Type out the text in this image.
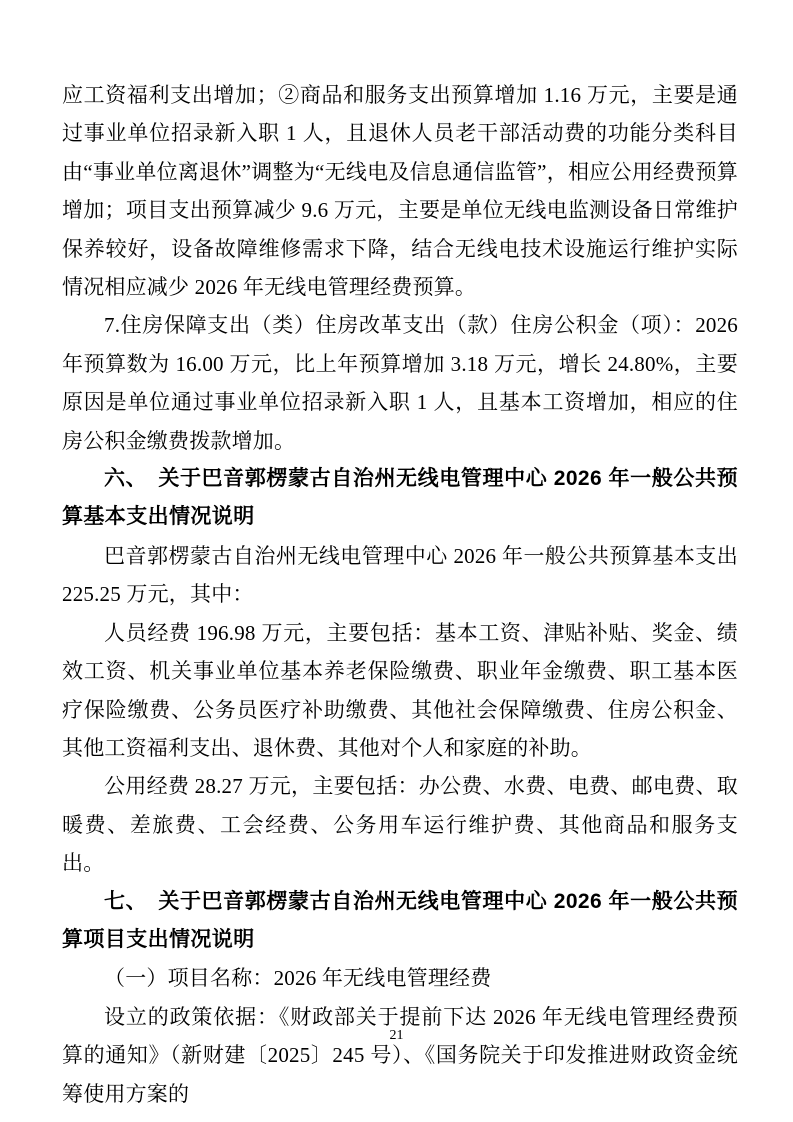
应工资福利支出增加；②商品和服务支出预算增加 1.16 万元，主要是通过事业单位招录新入职 1 人，且退休人员老干部活动费的功能分类科目由“事业单位离退休”调整为“无线电及信息通信监管”，相应公用经费预算增加；项目支出预算减少 9.6 万元，主要是单位无线电监测设备日常维护保养较好，设备故障维修需求下降，结合无线电技术设施运行维护实际情况相应减少 2026 年无线电管理经费预算。

7.住房保障支出（类）住房改革支出（款）住房公积金（项）：2026 年预算数为 16.00 万元，比上年预算增加 3.18 万元，增长 24.80%，主要原因是单位通过事业单位招录新入职 1 人，且基本工资增加，相应的住房公积金缴费拨款增加。

六、　关于巴音郭楞蒙古自治州无线电管理中心 2026 年一般公共预算基本支出情况说明

巴音郭楞蒙古自治州无线电管理中心 2026 年一般公共预算基本支出 225.25 万元，其中：

人员经费 196.98 万元，主要包括：基本工资、津贴补贴、奖金、绩效工资、机关事业单位基本养老保险缴费、职业年金缴费、职工基本医疗保险缴费、公务员医疗补助缴费、其他社会保障缴费、住房公积金、其他工资福利支出、退休费、其他对个人和家庭的补助。

公用经费 28.27 万元，主要包括：办公费、水费、电费、邮电费、取暖费、差旅费、工会经费、公务用车运行维护费、其他商品和服务支出。

七、　关于巴音郭楞蒙古自治州无线电管理中心 2026 年一般公共预算项目支出情况说明

（一）项目名称：2026 年无线电管理经费

设立的政策依据：《财政部关于提前下达 2026 年无线电管理经费预算的通知》（新财建〔2025〕245 号）、《国务院关于印发推进财政资金统筹使用方案的

21
